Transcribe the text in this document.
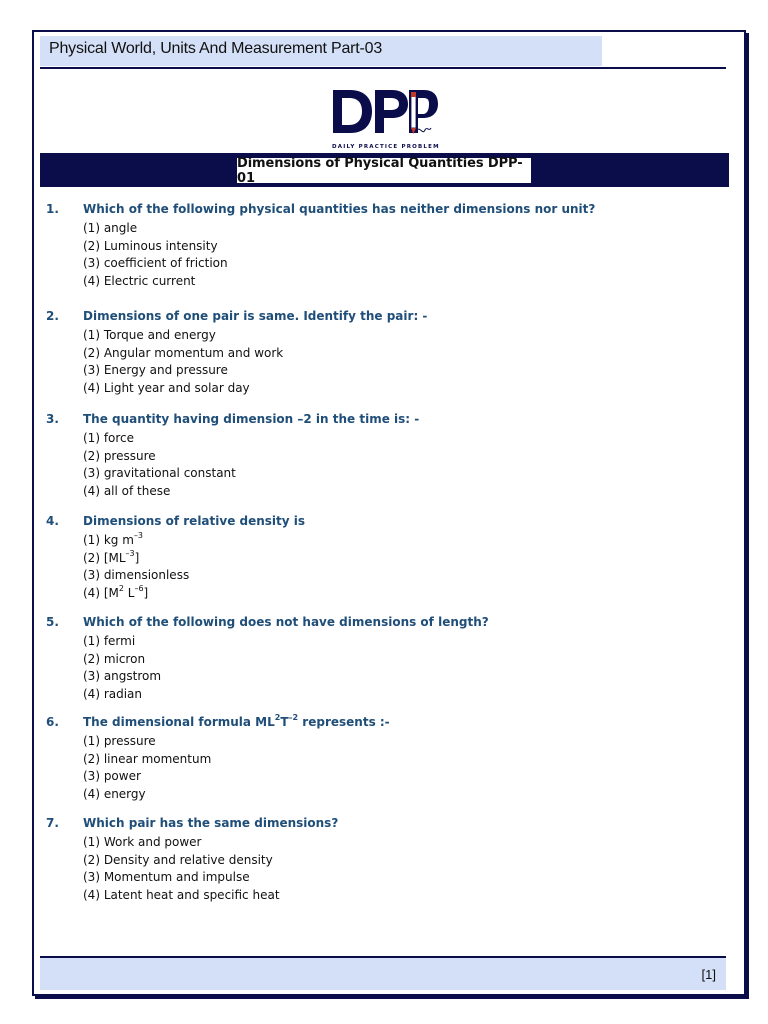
Physical World, Units And Measurement Part-03
DAILY PRACTICE PROBLEM
Dimensions of Physical Quantities DPP-01
1. Which of the following physical quantities has neither dimensions nor unit?
(1) angle
(2) Luminous intensity
(3) coefficient of friction
(4) Electric current
2. Dimensions of one pair is same. Identify the pair: -
(1) Torque and energy
(2) Angular momentum and work
(3) Energy and pressure
(4) Light year and solar day
3. The quantity having dimension –2 in the time is: -
(1) force
(2) pressure
(3) gravitational constant
(4) all of these
4. Dimensions of relative density is
(1) kg $m^{-3}$
(2) $[ML^{-3}]$
(3) dimensionless
(4) [$M^2$ $L^{-6}$]
5. Which of the following does not have dimensions of length?
(1) fermi
(2) micron
(3) angstrom
(4) radian
6. The dimensional formula $ML^2T^{-2}$ represents :-
(1) pressure
(2) linear momentum
(3) power
(4) energy
7. Which pair has the same dimensions?
(1) Work and power
(2) Density and relative density
(3) Momentum and impulse
(4) Latent heat and specific heat
[1]
